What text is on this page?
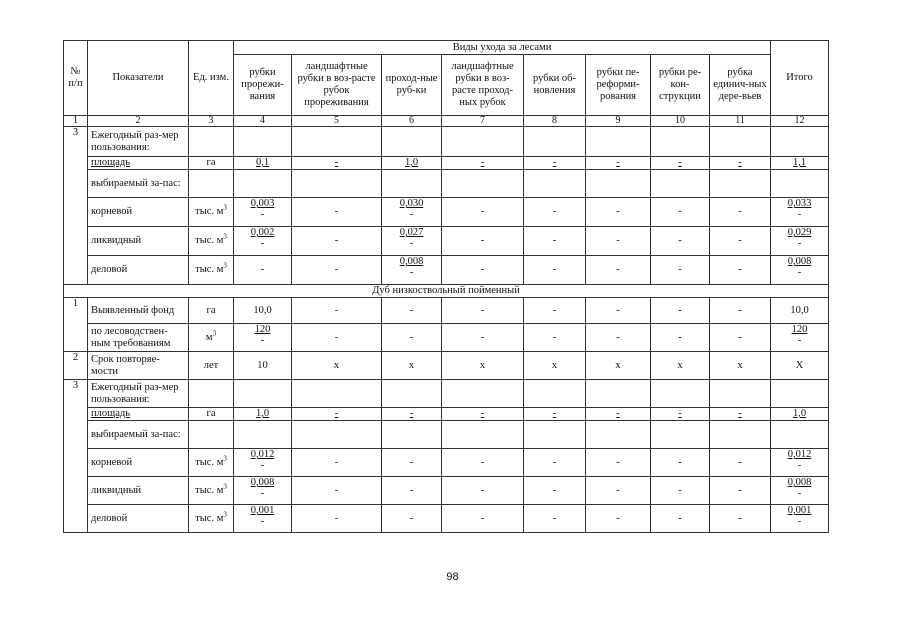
№ п/п	Показатели	Ед. изм.	Виды ухода за лесами								Итого
			рубки прорежи-вания	ландшафтные рубки в воз-расте рубок прореживания	проход-ные руб-ки	ландшафтные рубки в воз-расте проход-ных рубок	рубки об-новления	рубки пе-реформи-рования	рубки ре-кон-струкции	рубка единич-ных дере-вьев	
1	2	3	4	5	6	7	8	9	10	11	12
3	Ежегодный раз-мер пользования:										
	площадь	га	0,1	-	1,0	-	-	-	-	-	1,1
	выбираемый за-пас:										
	корневой	тыс. $м^3$	$\frac{0,003}{-}$	-	$\frac{0,030}{-}$	-	-	-	-	-	$\frac{0,033}{-}$

	ликвидный	тыс. $м^3$	$\frac{0,002}{-}$	-	$\frac{0,027}{-}$	-	-	-	-	-	$\frac{0,029}{-}$

	деловой	тыс. $м^3$	-	-	$\frac{0,008}{-}$	-	-	-	-	-	$\frac{0,008}{-}$

Дуб низкоствольный пойменный											
1	Выявленный фонд	га	10,0	-	-	-	-	-	-	-	10,0
	по лесоводствен-ным требованиям	$м^3$	$\frac{120}{-}$	-	-	-	-	-	-	-	$\frac{120}{-}$

2	Срок повторяе-мости	лет	10	x	x	x	x	x	x	x	X
3	Ежегодный раз-мер пользования:										
	площадь	га	1,0	-	-	-	-	-	-	-	1,0
	выбираемый за-пас:										
	корневой	тыс. $м^3$	$\frac{0,012}{-}$	-	-	-	-	-	-	-	$\frac{0,012}{-}$

	ликвидный	тыс. $м^3$	$\frac{0,008}{-}$	-	-	-	-	-	-	-	$\frac{0,008}{-}$

	деловой	тыс. $м^3$	$\frac{0,001}{-}$	-	-	-	-	-	-	-	$\frac{0,001}{-}$
98
